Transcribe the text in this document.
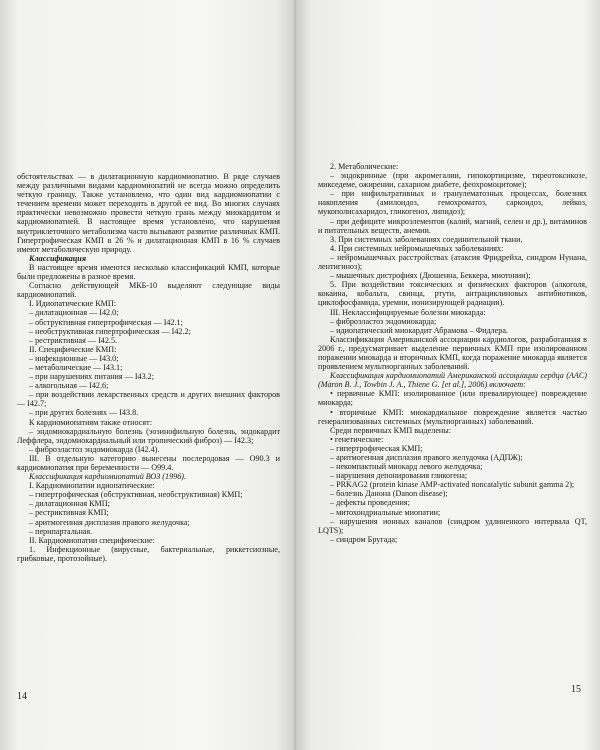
обстоятельствах — в дилатационную кардиомиопатию. В ряде случаев между различными видами кардиомиопатий не всегда можно определить четкую границу. Также установлено, что один вид кардиомиопатии с течением времени может переходить в другой ее вид. Во многих случаях практически невозможно провести четкую грань между миокардитом и кардиомиопатией. В настоящее время установлено, что нарушения внутриклеточного метаболизма часто вызывают развитие различных КМП. Гипертрофическая КМП в 26 % и дилатационная КМП в 16 % случаев имеют метаболическую природу.

Классификация

В настоящее время имеются несколько классификаций КМП, которые были предложены в разное время.

Согласно действующей МКБ-10 выделяют следующие виды кардиомиопатий.

I. Идиопатические КМП:

– дилатационная — I42.0;

– обструктивная гипертрофическая — I42.1;

– необструктивная гипертрофическая — I42.2;

– рестриктивная — I42.5.

II. Специфические КМП:

– инфекционные — I43.0;

– метаболические — I43.1;

– при нарушениях питания — I43.2;

– алкогольная — I42.6;

– при воздействии лекарственных средств и других внешних факторов — I42.7;

– при других болезнях — I43.8.

К кардиомиопатиям также относят:

– эндомиокардиальную болезнь (эозинофильную болезнь, эндокардит Леффлера, эндомиокардиальный или тропический фиброз) — I42.3;

– фиброэластоз эндомиокарда (I42.4).

III. В отдельную категорию вынесены послеродовая — O90.3 и кардиомиопатия при беременности — O99.4.

Классификация кардиомиопатий ВОЗ (1996).

I. Кардиомиопатии идиопатические:

– гипертрофическая (обструктивная, необструктивная) КМП;

– дилатационная КМП;

– рестриктивная КМП;

– аритмогенная дисплазия правого желудочка;

– перипартальная.

II. Кардиомиопатии специфические:

1. Инфекционные (вирусные, бактериальные, риккетсиозные, грибковые, протозойные).

14

2. Метаболические:

– эндокринные (при акромегалии, гипокортицизме, тиреотоксикозе, микседеме, ожирении, сахарном диабете, феохромоцитоме);

– при инфильтративных и гранулематозных процессах, болезнях накопления (амилоидоз, гемохроматоз, саркоидоз, лейкоз, мукополисахаридоз, гликогеноз, липидоз);

– при дефиците микроэлементов (калий, магний, селен и др.), витаминов и питательных веществ, анемии.

3. При системных заболеваниях соединительной ткани.

4. При системных нейромышечных заболеваниях:

– нейромышечных расстройствах (атаксия Фридрейха, синдром Нунана, лентигиноз);

– мышечных дистрофиях (Дюшенна, Беккера, миотонии);

5. При воздействии токсических и физических факторов (алкоголя, кокаина, кобальта, свинца, ртути, антрациклиновых антибиотиков, циклофосфамида, уремии, ионизирующей радиации).

III. Неклассифицируемые болезни миокарда:

– фиброэластоз эндомиокарда;

– идиопатический миокардит Абрамова – Фидлера.

Классификация Американской ассоциации кардиологов, разработанная в 2006 г., предусматривает выделение первичных КМП при изолированном поражении миокарда и вторичных КМП, когда поражение миокарда является проявлением мультиорганных заболеваний.

Классификация кардиомиопатий Американской ассоциации сердца (AAC) (Maron B. J., Towbin J. A., Thiene G. [et al.], 2006) включает:

• первичные КМП: изолированное (или превалирующее) повреждение миокарда;

• вторичные КМП: миокардиальное повреждение является частью генерализованных системных (мультиорганных) заболеваний.

Среди первичных КМП выделены:

• генетические:

– гипертрофическая КМП;

– аритмогенная дисплазия правого желудочка (АДПЖ);

– некомпактный миокард левого желудочка;

– нарушения депонирования гликогена;

– PRKAG2 (protein kinase AMP-activated noncatalytic subunit gamma 2);

– болезнь Данона (Danon disease);

– дефекты проведения;

– митохондриальные миопатии;

– нарушения ионных каналов (синдром удлиненного интервала QT, LQTS);

– синдром Бругада;

15
